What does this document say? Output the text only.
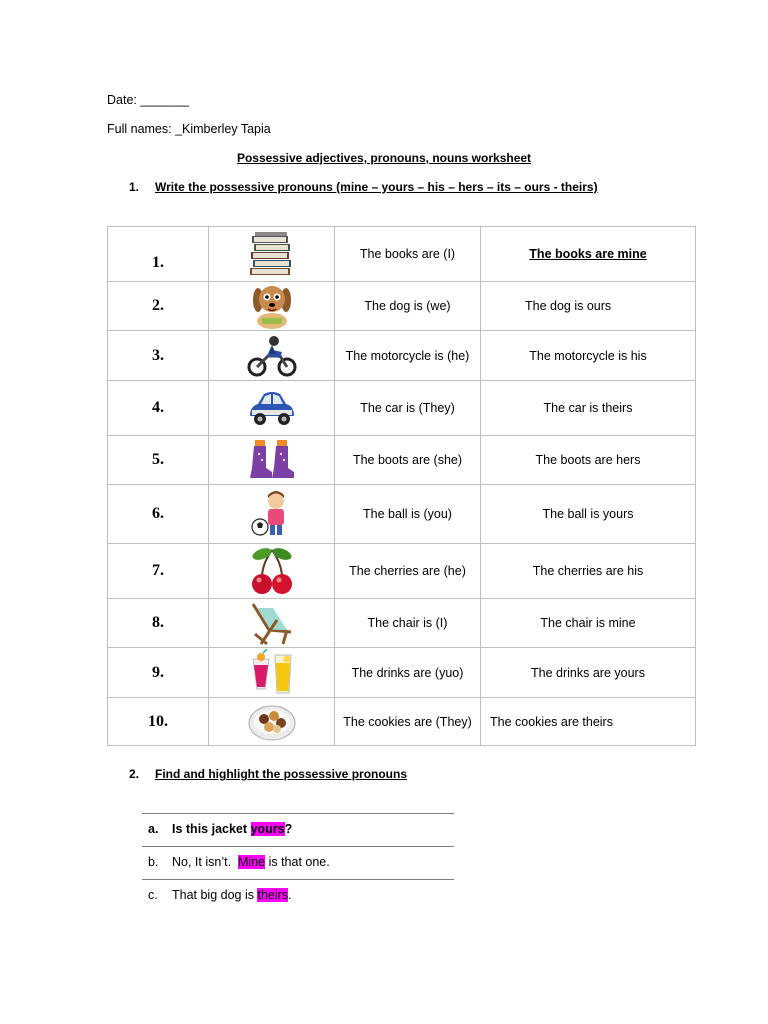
Date: _______
Full names: _Kimberley Tapia
Possessive adjectives, pronouns, nouns worksheet
1. Write the possessive pronouns (mine – yours – his – hers – its – ours - theirs)
1.		The books are (I)	The books are mine
2.		The dog is (we)	The dog is ours
3.		The motorcycle is (he)	The motorcycle is his
4.		The car is (They)	The car is theirs
5.		The boots are (she)	The boots are hers
6.		The ball is (you)	The ball is yours
7.		The cherries are (he)	The cherries are his
8.		The chair is (I)	The chair is mine
9.		The drinks are (yuo)	The drinks are yours
10.		The cookies are (They)	The cookies are theirs
2. Find and highlight the possessive pronouns
a. Is this jacket yours?
b. No, It isn’t.  Mine is that one.
c. That big dog is theirs.
